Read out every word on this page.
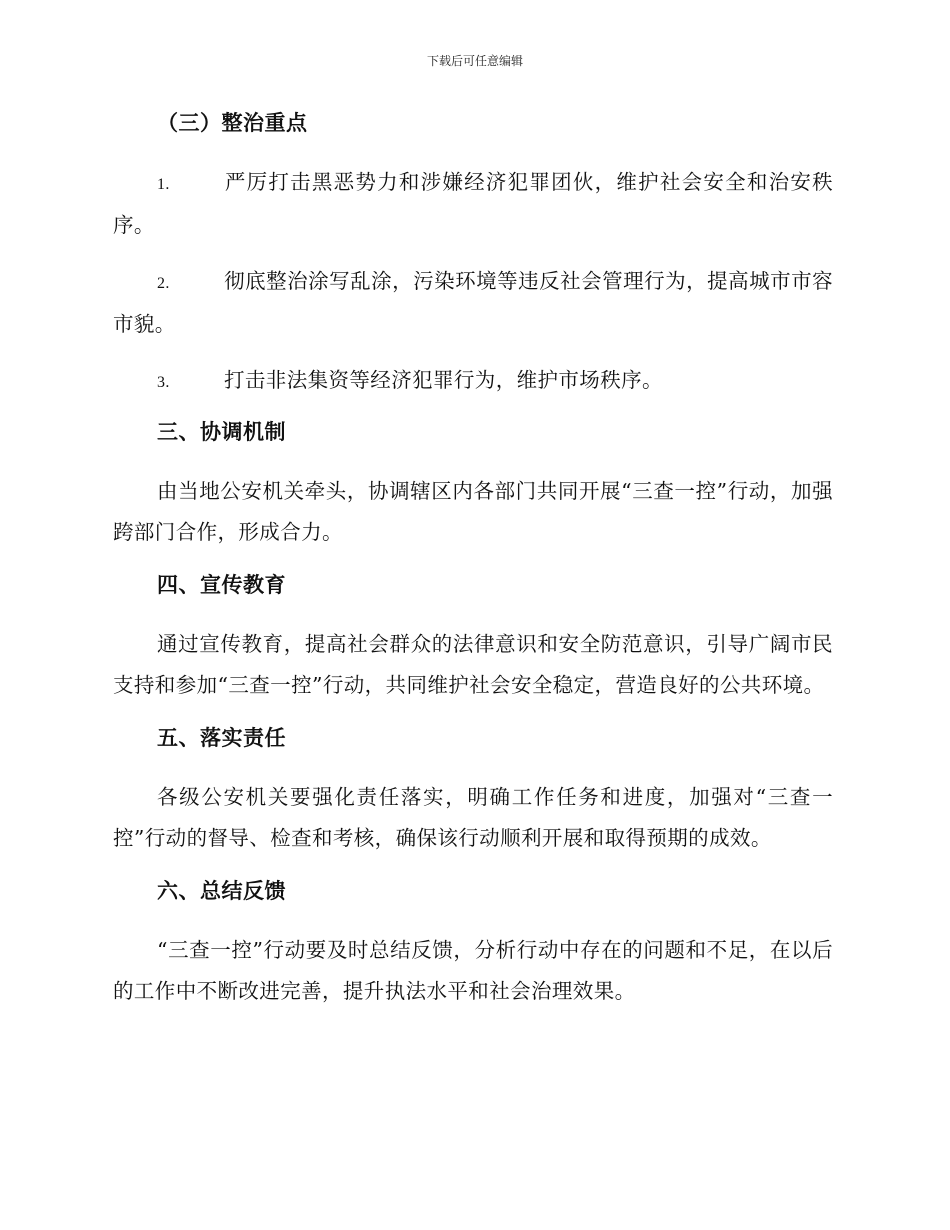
下载后可任意编辑
（三）整治重点
1.	严厉打击黑恶势力和涉嫌经济犯罪团伙，维护社会安全和治安秩序。
2.	彻底整治涂写乱涂，污染环境等违反社会管理行为，提高城市市容市貌。
3.	打击非法集资等经济犯罪行为，维护市场秩序。
三、协调机制
由当地公安机关牵头，协调辖区内各部门共同开展“三查一控”行动，加强跨部门合作，形成合力。
四、宣传教育
通过宣传教育，提高社会群众的法律意识和安全防范意识，引导广阔市民支持和参加“三查一控”行动，共同维护社会安全稳定，营造良好的公共环境。
五、落实责任
各级公安机关要强化责任落实，明确工作任务和进度，加强对“三查一控”行动的督导、检查和考核，确保该行动顺利开展和取得预期的成效。
六、总结反馈
“三查一控”行动要及时总结反馈，分析行动中存在的问题和不足，在以后的工作中不断改进完善，提升执法水平和社会治理效果。
